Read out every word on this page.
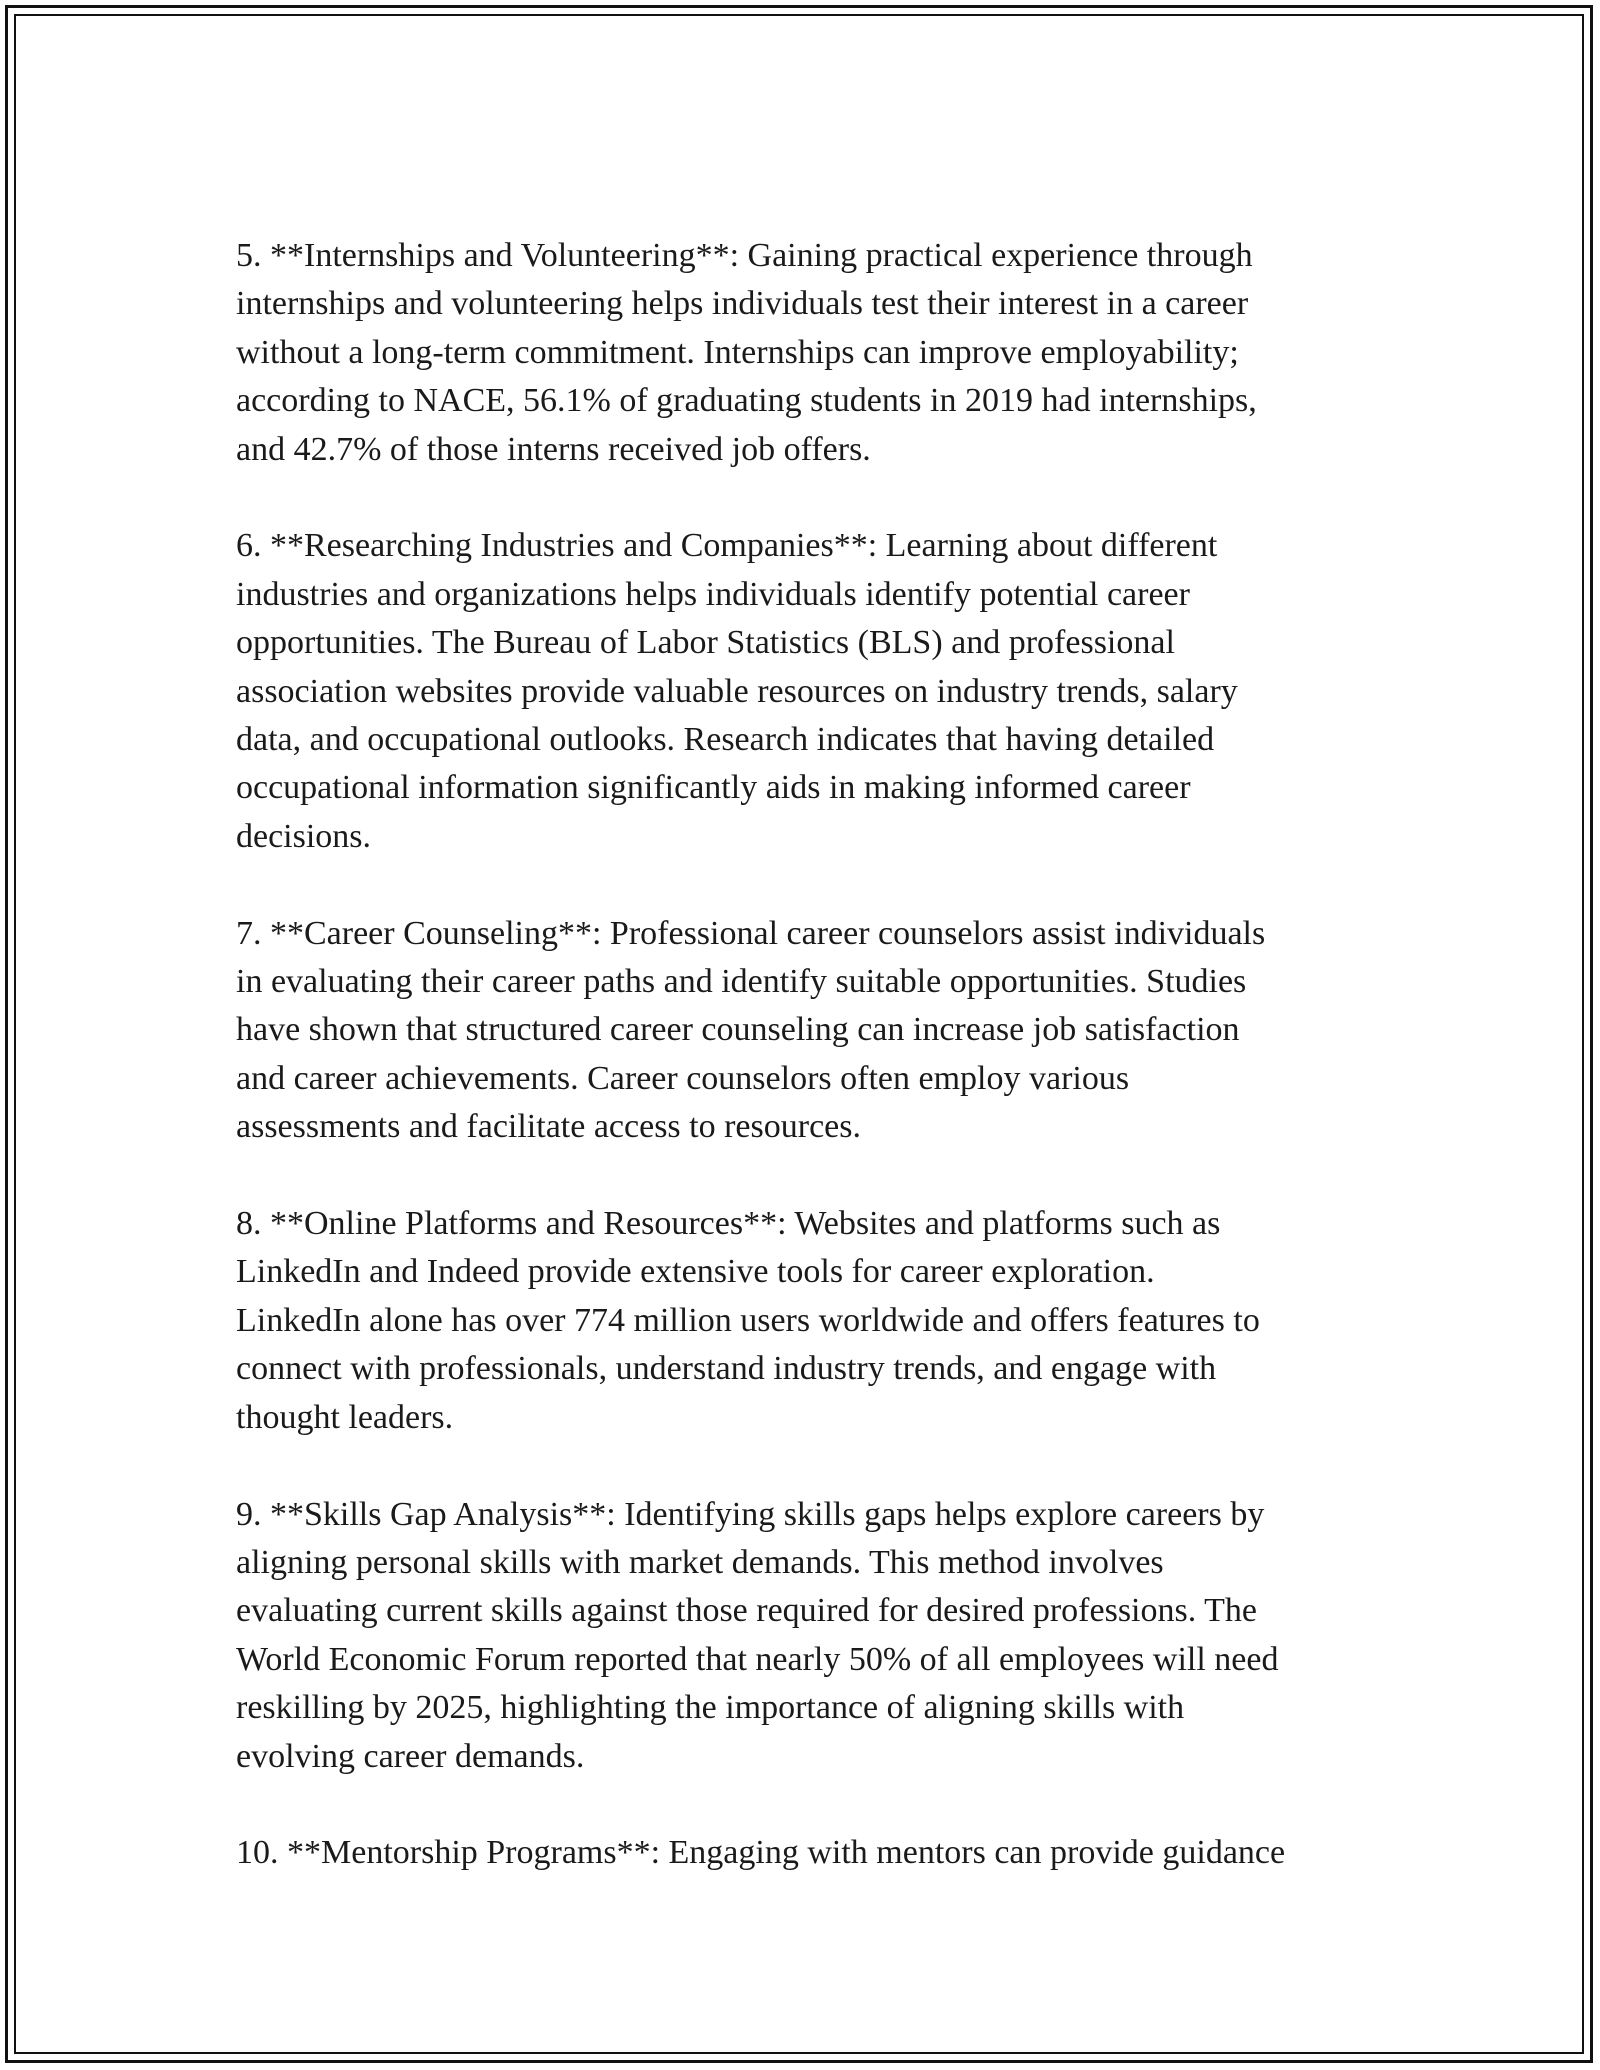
5. **Internships and Volunteering**: Gaining practical experience through
internships and volunteering helps individuals test their interest in a career
without a long-term commitment. Internships can improve employability;
according to NACE, 56.1% of graduating students in 2019 had internships,
and 42.7% of those interns received job offers.

6. **Researching Industries and Companies**: Learning about different
industries and organizations helps individuals identify potential career
opportunities. The Bureau of Labor Statistics (BLS) and professional
association websites provide valuable resources on industry trends, salary
data, and occupational outlooks. Research indicates that having detailed
occupational information significantly aids in making informed career
decisions.

7. **Career Counseling**: Professional career counselors assist individuals
in evaluating their career paths and identify suitable opportunities. Studies
have shown that structured career counseling can increase job satisfaction
and career achievements. Career counselors often employ various
assessments and facilitate access to resources.

8. **Online Platforms and Resources**: Websites and platforms such as
LinkedIn and Indeed provide extensive tools for career exploration.
LinkedIn alone has over 774 million users worldwide and offers features to
connect with professionals, understand industry trends, and engage with
thought leaders.

9. **Skills Gap Analysis**: Identifying skills gaps helps explore careers by
aligning personal skills with market demands. This method involves
evaluating current skills against those required for desired professions. The
World Economic Forum reported that nearly 50% of all employees will need
reskilling by 2025, highlighting the importance of aligning skills with
evolving career demands.

10. **Mentorship Programs**: Engaging with mentors can provide guidance
